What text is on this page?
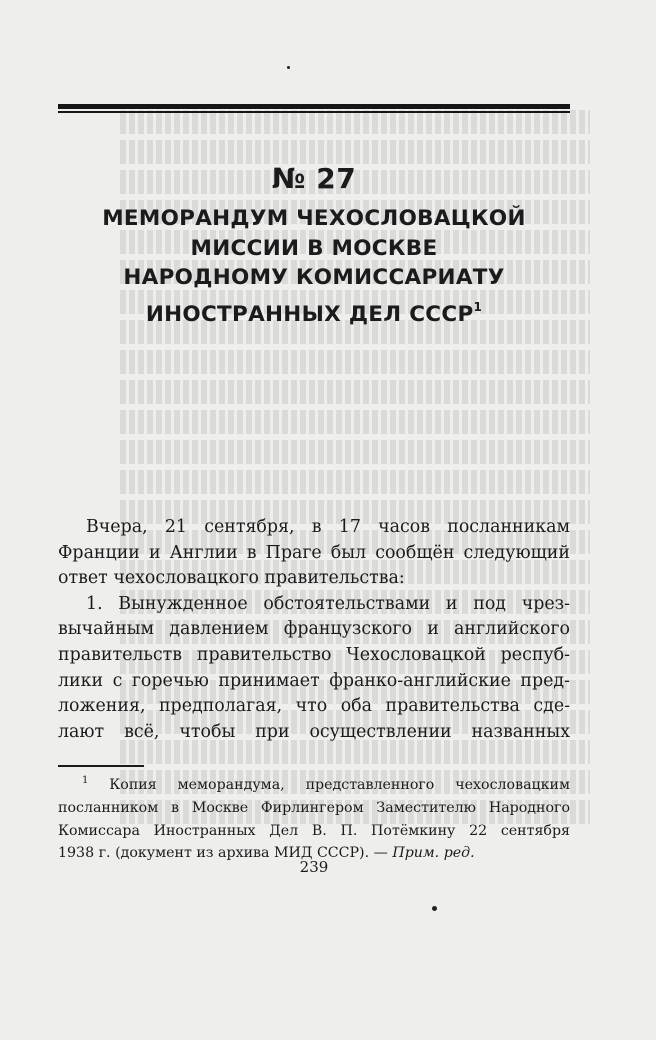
№ 27
МЕМОРАНДУМ ЧЕХОСЛОВАЦКОЙ
МИССИИ В МОСКВЕ
НАРОДНОМУ КОМИССАРИАТУ
ИНОСТРАННЫХ ДЕЛ СССР$^1$
Вчера, 21 сентября, в 17 часов посланникам
Франции и Англии в Праге был сообщён следующий
ответ чехословацкого правительства:
1. Вынужденное обстоятельствами и под чрез-
вычайным давлением французского и английского
правительств правительство Чехословацкой респуб-
лики с горечью принимает франко-английские пред-
ложения, предполагая, что оба правительства сде-
лают всё, чтобы при осуществлении названных
$^1$ Копия меморандума, представленного чехословацким
посланником в Москве Фирлингером Заместителю Народного
Комиссара Иностранных Дел В. П. Потёмкину 22 сентября
1938 г. (документ из архива МИД СССР). — Прим. ред.
239
